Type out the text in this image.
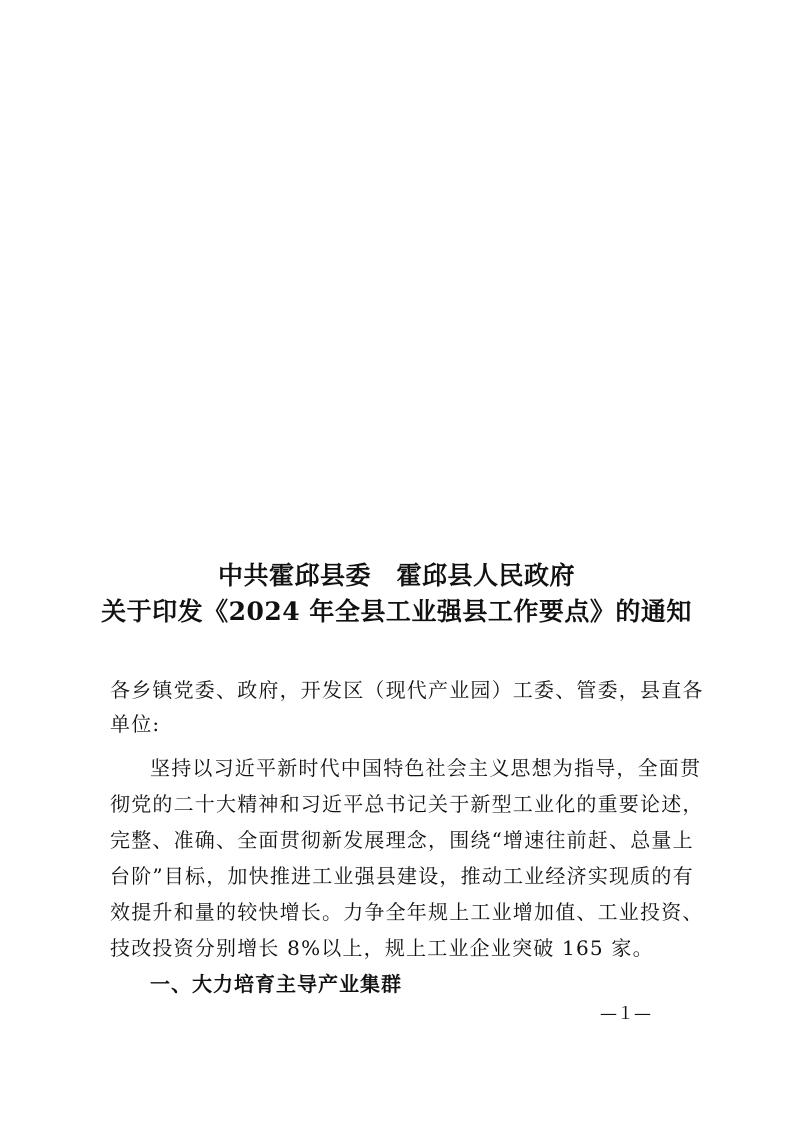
中共霍邱县委　霍邱县人民政府
关于印发《2024 年全县工业强县工作要点》的通知
各乡镇党委、政府，开发区（现代产业园）工委、管委，县直各
单位:
坚持以习近平新时代中国特色社会主义思想为指导，全面贯
彻党的二十大精神和习近平总书记关于新型工业化的重要论述，
完整、准确、全面贯彻新发展理念，围绕“增速往前赶、总量上
台阶”目标，加快推进工业强县建设，推动工业经济实现质的有
效提升和量的较快增长。力争全年规上工业增加值、工业投资、
技改投资分别增长 8%以上，规上工业企业突破 165 家。
一、大力培育主导产业集群
—１—
